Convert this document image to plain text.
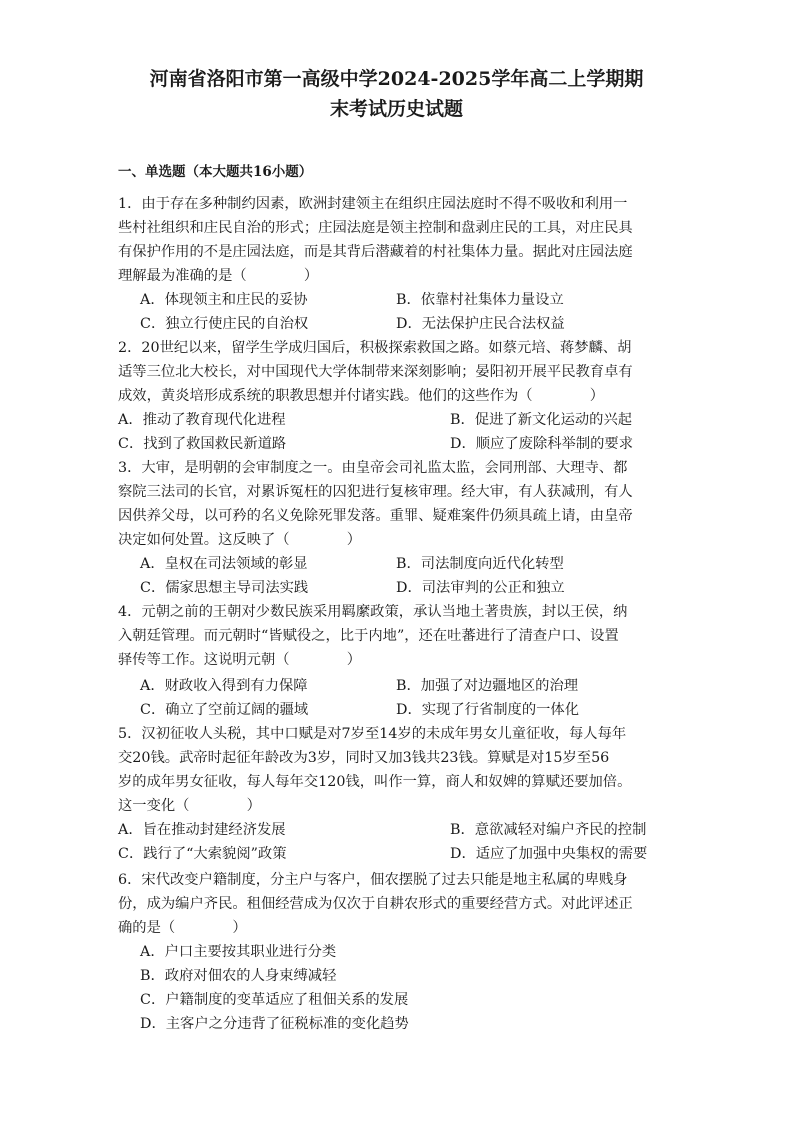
河南省洛阳市第一高级中学2024-2025学年高二上学期期
末考试历史试题
一、单选题（本大题共16小题）
1．由于存在多种制约因素，欧洲封建领主在组织庄园法庭时不得不吸收和利用一
些村社组织和庄民自治的形式；庄园法庭是领主控制和盘剥庄民的工具，对庄民具
有保护作用的不是庄园法庭，而是其背后潜藏着的村社集体力量。据此对庄园法庭
理解最为准确的是（　　　　）
A．体现领主和庄民的妥协	B．依靠村社集体力量设立
C．独立行使庄民的自治权	D．无法保护庄民合法权益
2．20世纪以来，留学生学成归国后，积极探索救国之路。如蔡元培、蒋梦麟、胡
适等三位北大校长，对中国现代大学体制带来深刻影响；晏阳初开展平民教育卓有
成效，黄炎培形成系统的职教思想并付诸实践。他们的这些作为（　　　　）
A．推动了教育现代化进程	B．促进了新文化运动的兴起
C．找到了救国救民新道路	D．顺应了废除科举制的要求
3．大审，是明朝的会审制度之一。由皇帝会司礼监太监，会同刑部、大理寺、都
察院三法司的长官，对累诉冤枉的囚犯进行复核审理。经大审，有人获减刑，有人
因供养父母，以可矜的名义免除死罪发落。重罪、疑难案件仍须具疏上请，由皇帝
决定如何处置。这反映了（　　　　）
A．皇权在司法领域的彰显	B．司法制度向近代化转型
C．儒家思想主导司法实践	D．司法审判的公正和独立
4．元朝之前的王朝对少数民族采用羁縻政策，承认当地土著贵族，封以王侯，纳
入朝廷管理。而元朝时“皆赋役之，比于内地”，还在吐蕃进行了清查户口、设置
驿传等工作。这说明元朝（　　　　）
A．财政收入得到有力保障	B．加强了对边疆地区的治理
C．确立了空前辽阔的疆域	D．实现了行省制度的一体化
5．汉初征收人头税，其中口赋是对7岁至14岁的未成年男女儿童征收，每人每年
交20钱。武帝时起征年龄改为3岁，同时又加3钱共23钱。算赋是对15岁至56
岁的成年男女征收，每人每年交120钱，叫作一算，商人和奴婢的算赋还要加倍。
这一变化（　　　　）
A．旨在推动封建经济发展	B．意欲减轻对编户齐民的控制
C．践行了“大索貌阅”政策	D．适应了加强中央集权的需要
6．宋代改变户籍制度，分主户与客户，佃农摆脱了过去只能是地主私属的卑贱身
份，成为编户齐民。租佃经营成为仅次于自耕农形式的重要经营方式。对此评述正
确的是（　　　　）
A．户口主要按其职业进行分类
B．政府对佃农的人身束缚减轻
C．户籍制度的变革适应了租佃关系的发展
D．主客户之分违背了征税标准的变化趋势
